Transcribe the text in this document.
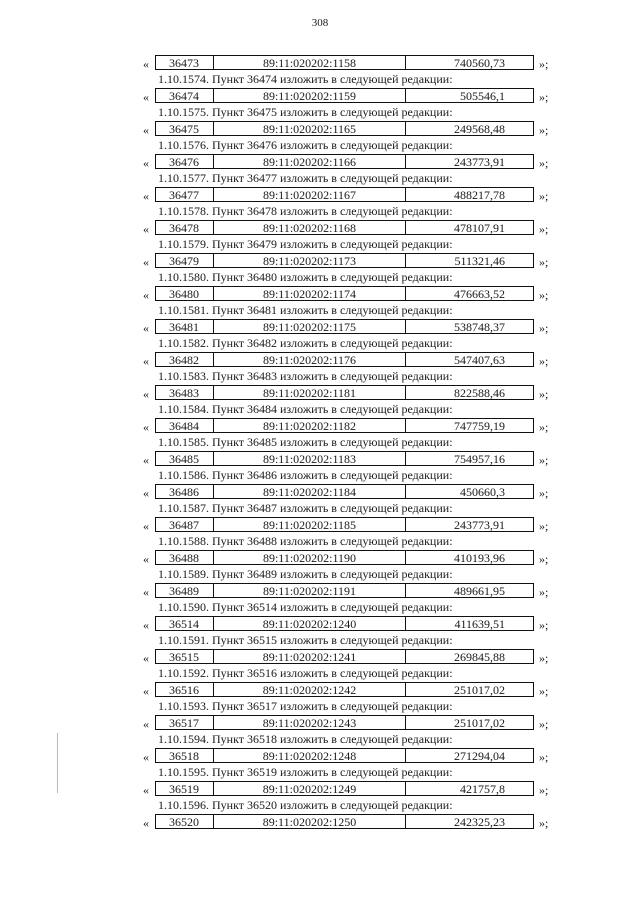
308
«	36473	89:11:020202:1158	740560,73	»;
1.10.1574. Пункт 36474 изложить в следующей редакции:
«	36474	89:11:020202:1159	505546,1	»;
1.10.1575. Пункт 36475 изложить в следующей редакции:
«	36475	89:11:020202:1165	249568,48	»;
1.10.1576. Пункт 36476 изложить в следующей редакции:
«	36476	89:11:020202:1166	243773,91	»;
1.10.1577. Пункт 36477 изложить в следующей редакции:
«	36477	89:11:020202:1167	488217,78	»;
1.10.1578. Пункт 36478 изложить в следующей редакции:
«	36478	89:11:020202:1168	478107,91	»;
1.10.1579. Пункт 36479 изложить в следующей редакции:
«	36479	89:11:020202:1173	511321,46	»;
1.10.1580. Пункт 36480 изложить в следующей редакции:
«	36480	89:11:020202:1174	476663,52	»;
1.10.1581. Пункт 36481 изложить в следующей редакции:
«	36481	89:11:020202:1175	538748,37	»;
1.10.1582. Пункт 36482 изложить в следующей редакции:
«	36482	89:11:020202:1176	547407,63	»;
1.10.1583. Пункт 36483 изложить в следующей редакции:
«	36483	89:11:020202:1181	822588,46	»;
1.10.1584. Пункт 36484 изложить в следующей редакции:
«	36484	89:11:020202:1182	747759,19	»;
1.10.1585. Пункт 36485 изложить в следующей редакции:
«	36485	89:11:020202:1183	754957,16	»;
1.10.1586. Пункт 36486 изложить в следующей редакции:
«	36486	89:11:020202:1184	450660,3	»;
1.10.1587. Пункт 36487 изложить в следующей редакции:
«	36487	89:11:020202:1185	243773,91	»;
1.10.1588. Пункт 36488 изложить в следующей редакции:
«	36488	89:11:020202:1190	410193,96	»;
1.10.1589. Пункт 36489 изложить в следующей редакции:
«	36489	89:11:020202:1191	489661,95	»;
1.10.1590. Пункт 36514 изложить в следующей редакции:
«	36514	89:11:020202:1240	411639,51	»;
1.10.1591. Пункт 36515 изложить в следующей редакции:
«	36515	89:11:020202:1241	269845,88	»;
1.10.1592. Пункт 36516 изложить в следующей редакции:
«	36516	89:11:020202:1242	251017,02	»;
1.10.1593. Пункт 36517 изложить в следующей редакции:
«	36517	89:11:020202:1243	251017,02	»;
1.10.1594. Пункт 36518 изложить в следующей редакции:
«	36518	89:11:020202:1248	271294,04	»;
1.10.1595. Пункт 36519 изложить в следующей редакции:
«	36519	89:11:020202:1249	421757,8	»;
1.10.1596. Пункт 36520 изложить в следующей редакции:
«	36520	89:11:020202:1250	242325,23	»;
